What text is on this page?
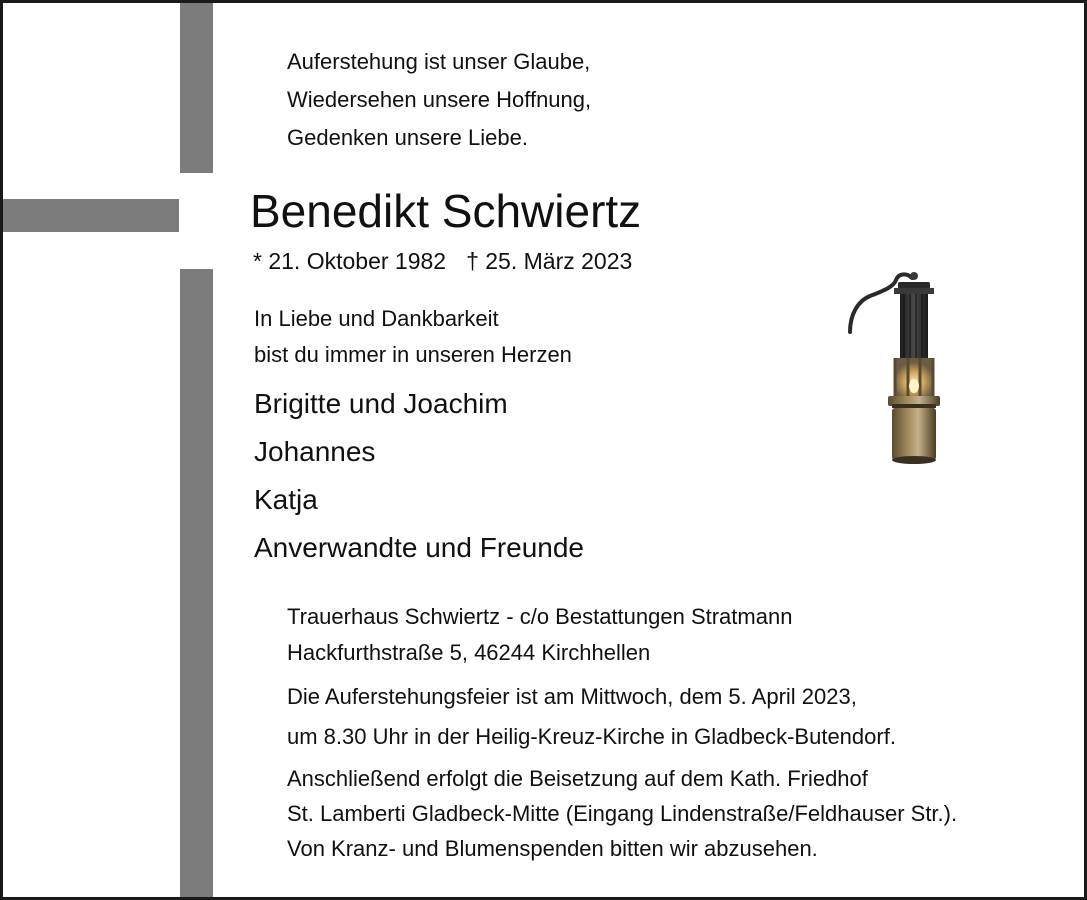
Auferstehung ist unser Glaube,
Wiedersehen unsere Hoffnung,
Gedenken unsere Liebe.
Benedikt Schwiertz
* 21. Oktober 1982 † 25. März 2023
In Liebe und Dankbarkeit
bist du immer in unseren Herzen
Brigitte und Joachim
Johannes
Katja
Anverwandte und Freunde
Trauerhaus Schwiertz - c/o Bestattungen Stratmann
Hackfurthstraße 5, 46244 Kirchhellen
Die Auferstehungsfeier ist am Mittwoch, dem 5. April 2023,
um 8.30 Uhr in der Heilig-Kreuz-Kirche in Gladbeck-Butendorf.
Anschließend erfolgt die Beisetzung auf dem Kath. Friedhof
St. Lamberti Gladbeck-Mitte (Eingang Lindenstraße/Feldhauser Str.).
Von Kranz- und Blumenspenden bitten wir abzusehen.
